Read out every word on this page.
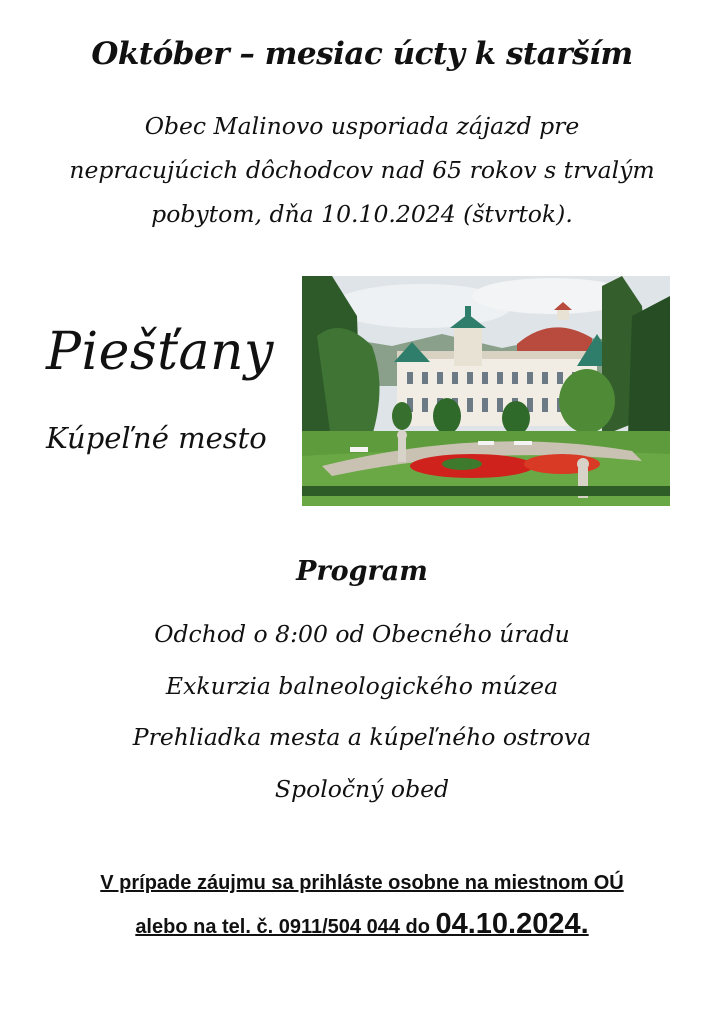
Október – mesiac úcty k starším
Obec Malinovo usporiada zájazd pre
nepracujúcich dôchodcov nad 65 rokov s trvalým
pobytom, dňa 10.10.2024 (štvrtok).
Piešťany
Kúpeľné mesto
Program
Odchod o 8:00 od Obecného úradu
Exkurzia balneologického múzea
Prehliadka mesta a kúpeľného ostrova
Spoločný obed
V prípade záujmu sa prihláste osobne na miestnom OÚ
alebo na tel. č. 0911/504 044 do 04.10.2024.
